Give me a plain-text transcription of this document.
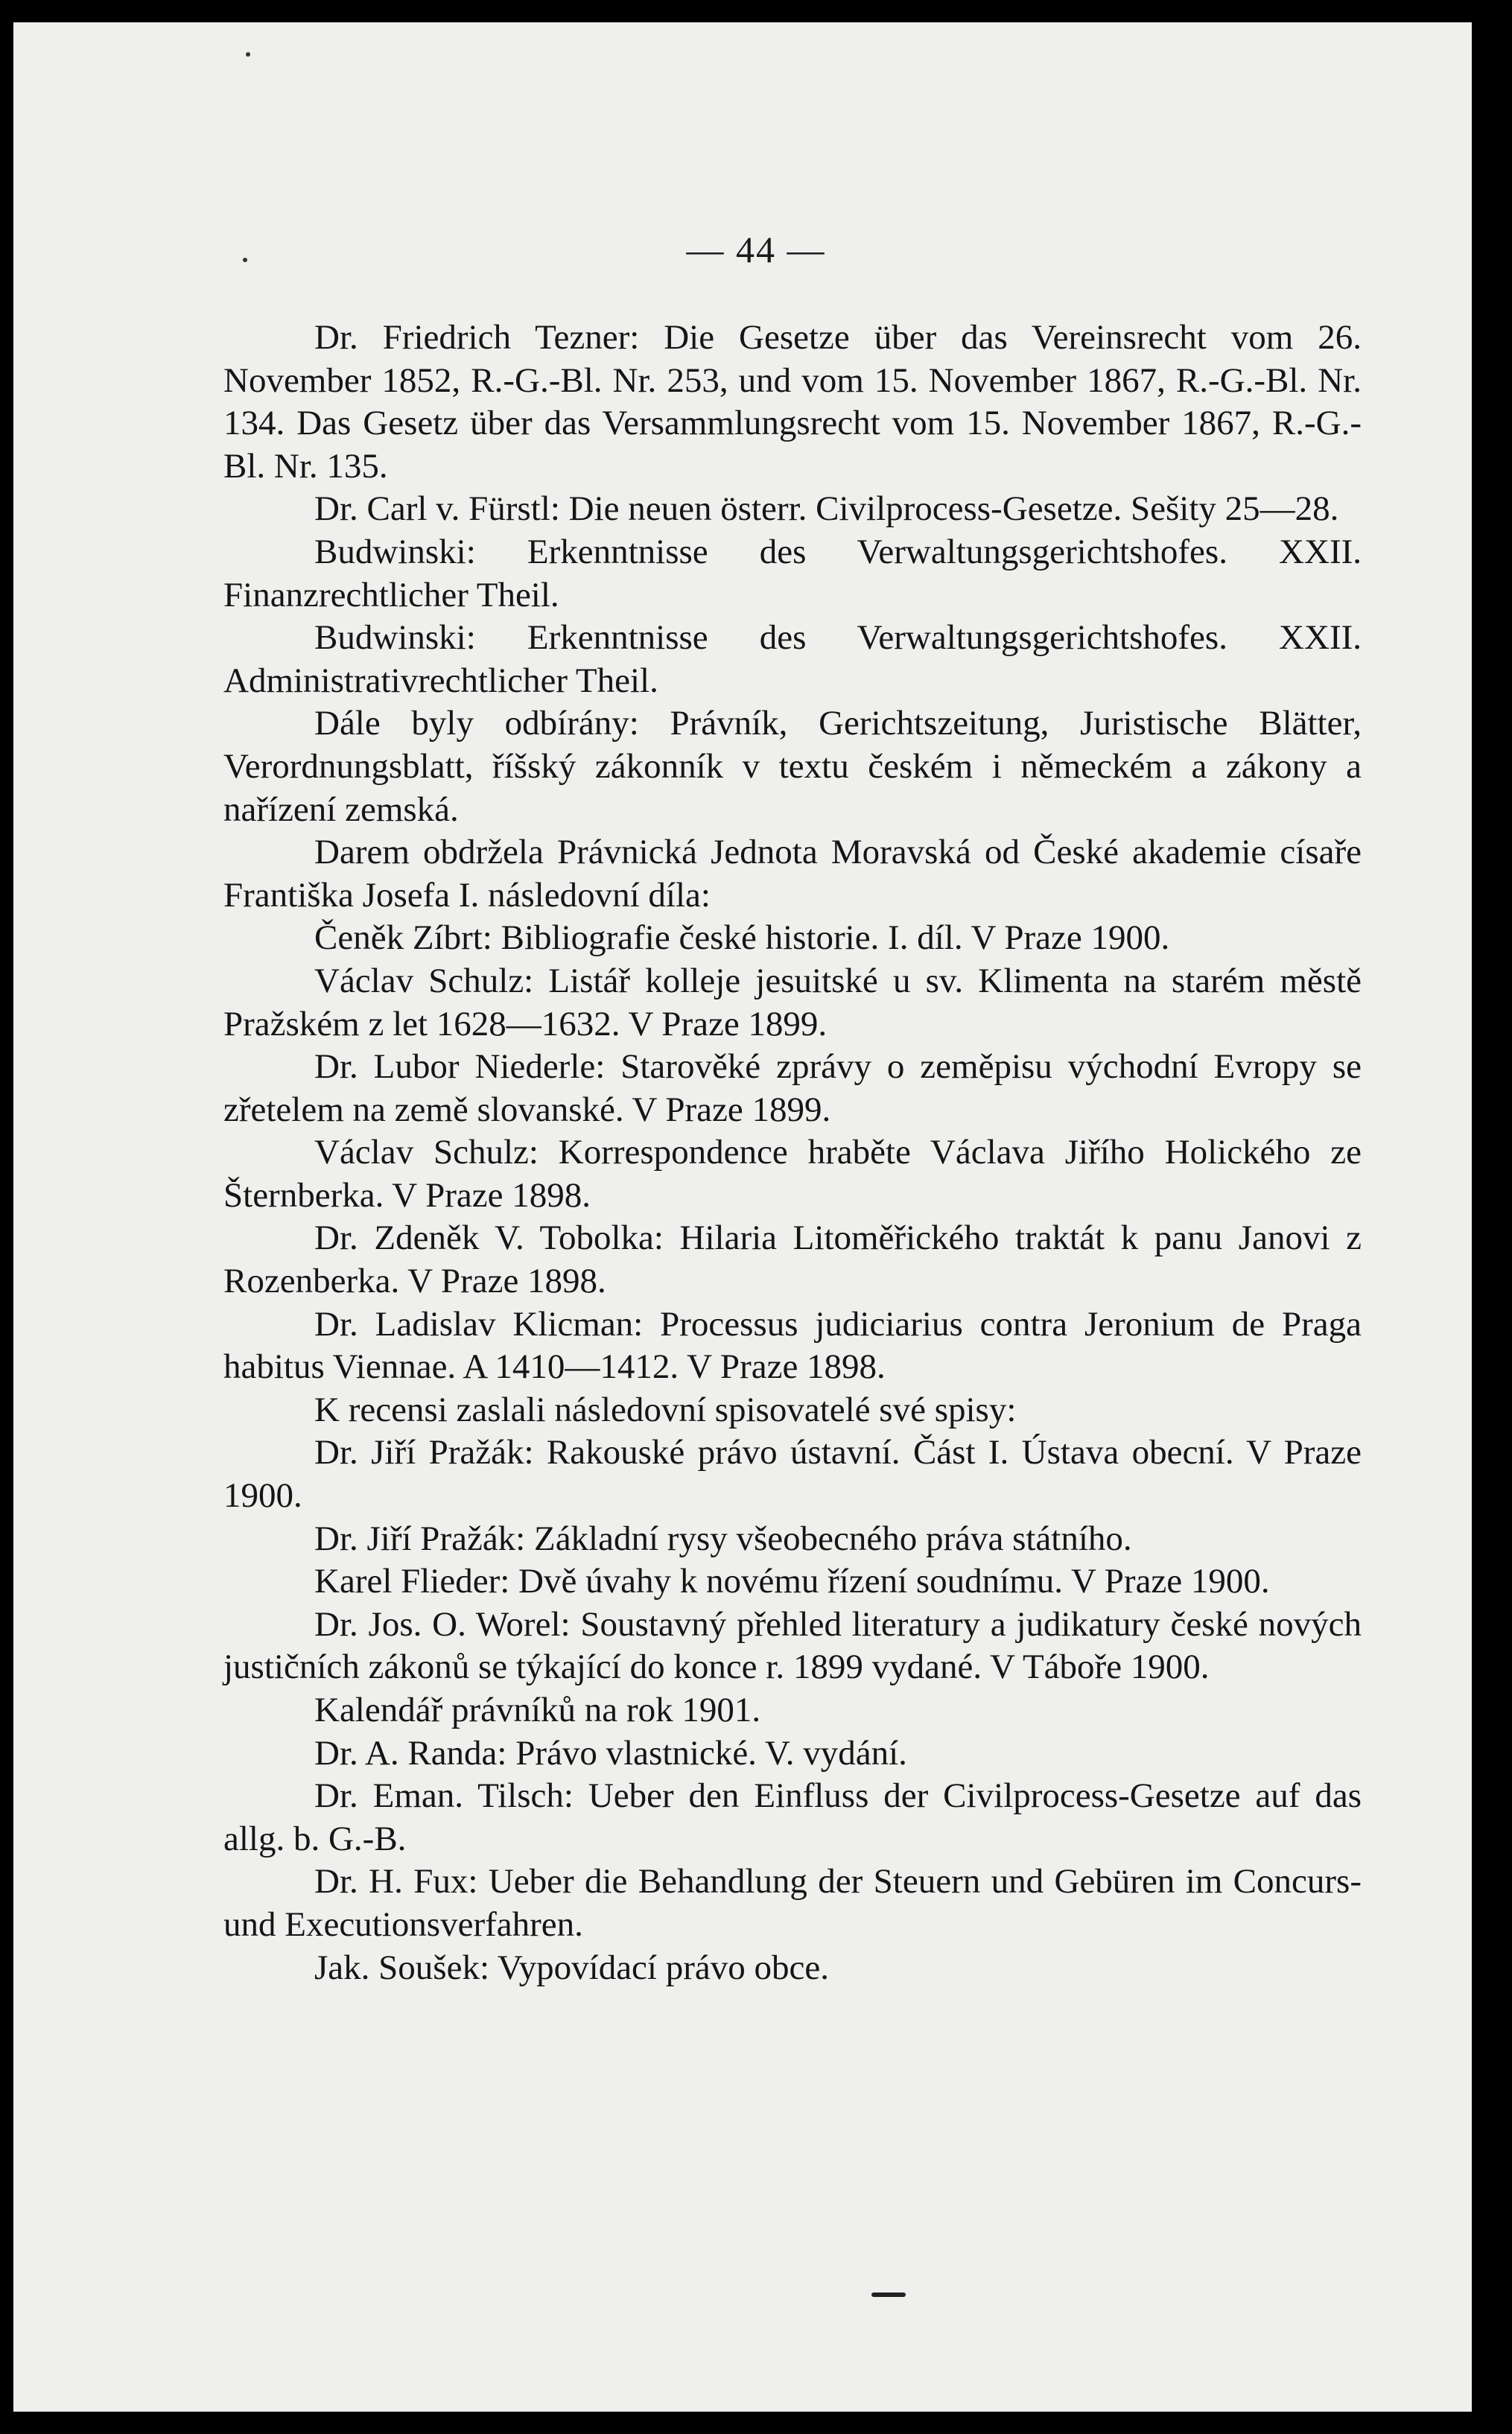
— 44 —

Dr. Friedrich Tezner: Die Gesetze über das Vereinsrecht vom 26. November 1852, R.-G.-Bl. Nr. 253, und vom 15. November 1867, R.-G.-Bl. Nr. 134. Das Gesetz über das Versammlungsrecht vom 15. November 1867, R.-G.-Bl. Nr. 135.

Dr. Carl v. Fürstl: Die neuen österr. Civilprocess-Gesetze. Sešity 25—28.

Budwinski: Erkenntnisse des Verwaltungsgerichtshofes. XXII. Finanzrechtlicher Theil.

Budwinski: Erkenntnisse des Verwaltungsgerichtshofes. XXII. Administrativrechtlicher Theil.

Dále byly odbírány: Právník, Gerichtszeitung, Juristische Blätter, Verordnungsblatt, říšský zákonník v textu českém i německém a zákony a nařízení zemská.

Darem obdržela Právnická Jednota Moravská od České akademie císaře Františka Josefa I. následovní díla:

Čeněk Zíbrt: Bibliografie české historie. I. díl. V Praze 1900.

Václav Schulz: Listář kolleje jesuitské u sv. Klimenta na starém městě Pražském z let 1628—1632. V Praze 1899.

Dr. Lubor Niederle: Starověké zprávy o zeměpisu východní Evropy se zřetelem na země slovanské. V Praze 1899.

Václav Schulz: Korrespondence hraběte Václava Jiřího Holického ze Šternberka. V Praze 1898.

Dr. Zdeněk V. Tobolka: Hilaria Litoměřického traktát k panu Janovi z Rozenberka. V Praze 1898.

Dr. Ladislav Klicman: Processus judiciarius contra Jeronium de Praga habitus Viennae. A 1410—1412. V Praze 1898.

K recensi zaslali následovní spisovatelé své spisy:

Dr. Jiří Pražák: Rakouské právo ústavní. Část I. Ústava obecní. V Praze 1900.

Dr. Jiří Pražák: Základní rysy všeobecného práva státního.

Karel Flieder: Dvě úvahy k novému řízení soudnímu. V Praze 1900.

Dr. Jos. O. Worel: Soustavný přehled literatury a judikatury české nových justičních zákonů se týkající do konce r. 1899 vydané. V Táboře 1900.

Kalendář právníků na rok 1901.

Dr. A. Randa: Právo vlastnické. V. vydání.

Dr. Eman. Tilsch: Ueber den Einfluss der Civilprocess-Gesetze auf das allg. b. G.-B.

Dr. H. Fux: Ueber die Behandlung der Steuern und Gebüren im Concurs- und Executionsverfahren.

Jak. Soušek: Vypovídací právo obce.
